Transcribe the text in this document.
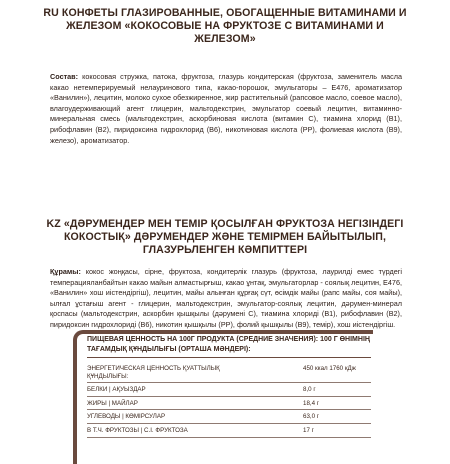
RU КОНФЕТЫ ГЛАЗИРОВАННЫЕ, ОБОГАЩЕННЫЕ ВИТАМИНАМИ И ЖЕЛЕЗОМ «КОКОСОВЫЕ НА ФРУКТОЗЕ С ВИТАМИНАМИ И ЖЕЛЕЗОМ»

Состав: кокосовая стружка, патока, фруктоза, глазурь кондитерская (фруктоза, заменитель масла какао нетемперируемый нелауринового типа, какао-порошок, эмульгаторы – E476, ароматизатор «Ванилин»), лецитин, молоко сухое обезжиренное, жир растительный (рапсовое масло, соевое масло), влагоудерживающий агент глицерин, мальтодекстрин, эмульгатор соевый лецитин, витаминно-минеральная смесь (мальтодекстрин, аскорбиновая кислота (витамин С), тиамина хлорид (В1), рибофлавин (В2), пиридоксина гидрохлорид (В6), никотиновая кислота (РР), фолиевая кислота (В9), железо), ароматизатор.

KZ «ДӘРУМЕНДЕР МЕН ТЕМІР ҚОСЫЛҒАН ФРУКТОЗА НЕГІЗІНДЕГІ КОКОСТЫҚ» ДӘРУМЕНДЕР ЖӘНЕ ТЕМІРМЕН БАЙЫТЫЛЫП, ГЛАЗУРЬЛЕНГЕН КӘМПИТТЕРІ

Құрамы: кокос жоңқасы, сірне, фруктоза, кондитерлік глазурь (фруктоза, лаурилді емес түрдегі темперацияланбайтын какао майын алмастырғыш, какао ұнтақ, эмульгаторлар - соялық лецитин, Е476, «Ванилин» хош иістендіргіш), лецитин, майы алынған құрғақ сүт, өсімдік майы (рапс майы, соя майы), ылғал ұстағыш агент - глицерин, мальтодекстрин, эмульгатор-соялық лецитин, дәрумен-минерал қоспасы (мальтодекстрин, аскорбин қышқылы (дәрумені С), тиамина хлориді (В1), рибофлавин (В2), пиридоксин гидрохлориді (В6), никотин қышқылы (РР), фолий қышқылы (В9), темір), хош иістендіргіш.

ПИЩЕВАЯ ЦЕННОСТЬ НА 100Г ПРОДУКТА (СРЕДНИЕ ЗНАЧЕНИЯ): 100 Г ӨНІМНІҢ ТАҒАМДЫҚ ҚҰНДЫЛЫҒЫ (ОРТАША МӘНДЕРІ):

ЭНЕРГЕТИЧЕСКАЯ ЦЕННОСТЬ ҚУАТТЫЛЫҚ ҚҰНДЫЛЫҒЫ:
450 ккал 1760 кДж
БЕЛКИ | АҚУЫЗДАР	8,0 г
ЖИРЫ | МАЙЛАР	18,4 г
УГЛЕВОДЫ | КӨМІРСУЛАР	63,0 г
В Т.Ч. ФРУКТОЗЫ | С.І. ФРУКТОЗА	17 г
